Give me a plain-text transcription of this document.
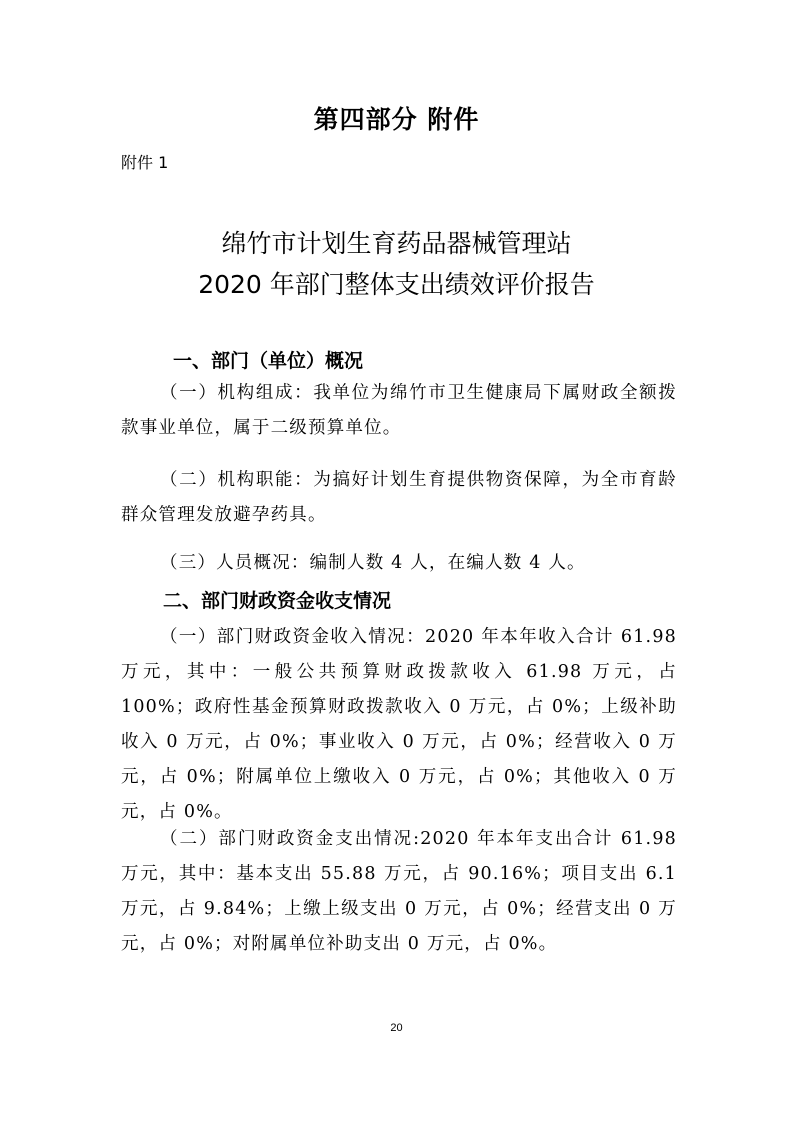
第四部分 附件
附件 1
绵竹市计划生育药品器械管理站
2020 年部门整体支出绩效评价报告
一、部门（单位）概况

（一）机构组成：我单位为绵竹市卫生健康局下属财政全额拨款事业单位，属于二级预算单位。

（二）机构职能：为搞好计划生育提供物资保障，为全市育龄群众管理发放避孕药具。

（三）人员概况：编制人数 4 人，在编人数 4 人。

二、部门财政资金收支情况

（一）部门财政资金收入情况：2020 年本年收入合计 61.98 万元，其中：一般公共预算财政拨款收入 61.98 万元，占 100%；政府性基金预算财政拨款收入 0 万元，占 0%；上级补助收入 0 万元，占 0%；事业收入 0 万元，占 0%；经营收入 0 万元，占 0%；附属单位上缴收入 0 万元，占 0%；其他收入 0 万元，占 0%。

（二）部门财政资金支出情况:2020 年本年支出合计 61.98 万元，其中：基本支出 55.88 万元，占 90.16%；项目支出 6.1 万元，占 9.84%；上缴上级支出 0 万元，占 0%；经营支出 0 万元，占 0%；对附属单位补助支出 0 万元，占 0%。

20
